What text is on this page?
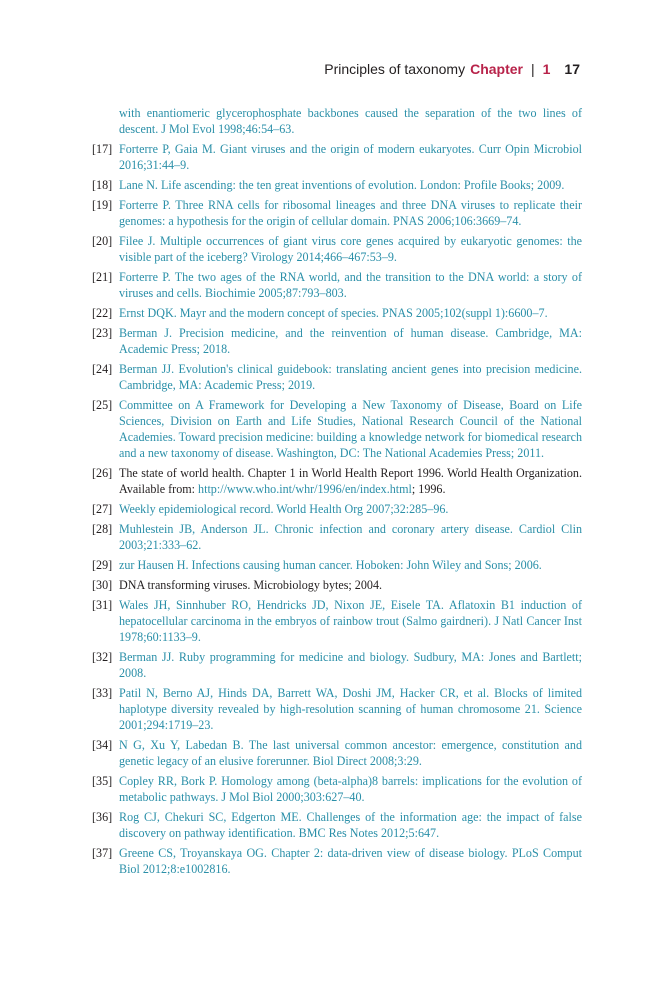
Principles of taxonomy Chapter | 1 17
with enantiomeric glycerophosphate backbones caused the separation of the two lines of descent. J Mol Evol 1998;46:54–63.
[17] Forterre P, Gaia M. Giant viruses and the origin of modern eukaryotes. Curr Opin Microbiol 2016;31:44–9.
[18] Lane N. Life ascending: the ten great inventions of evolution. London: Profile Books; 2009.
[19] Forterre P. Three RNA cells for ribosomal lineages and three DNA viruses to replicate their genomes: a hypothesis for the origin of cellular domain. PNAS 2006;106:3669–74.
[20] Filee J. Multiple occurrences of giant virus core genes acquired by eukaryotic genomes: the visible part of the iceberg? Virology 2014;466–467:53–9.
[21] Forterre P. The two ages of the RNA world, and the transition to the DNA world: a story of viruses and cells. Biochimie 2005;87:793–803.
[22] Ernst DQK. Mayr and the modern concept of species. PNAS 2005;102(suppl 1):6600–7.
[23] Berman J. Precision medicine, and the reinvention of human disease. Cambridge, MA: Academic Press; 2018.
[24] Berman JJ. Evolution's clinical guidebook: translating ancient genes into precision medicine. Cambridge, MA: Academic Press; 2019.
[25] Committee on A Framework for Developing a New Taxonomy of Disease, Board on Life Sciences, Division on Earth and Life Studies, National Research Council of the National Academies. Toward precision medicine: building a knowledge network for biomedical research and a new taxonomy of disease. Washington, DC: The National Academies Press; 2011.
[26] The state of world health. Chapter 1 in World Health Report 1996. World Health Organization. Available from: http://www.who.int/whr/1996/en/index.html; 1996.
[27] Weekly epidemiological record. World Health Org 2007;32:285–96.
[28] Muhlestein JB, Anderson JL. Chronic infection and coronary artery disease. Cardiol Clin 2003;21:333–62.
[29] zur Hausen H. Infections causing human cancer. Hoboken: John Wiley and Sons; 2006.
[30] DNA transforming viruses. Microbiology bytes; 2004.
[31] Wales JH, Sinnhuber RO, Hendricks JD, Nixon JE, Eisele TA. Aflatoxin B1 induction of hepatocellular carcinoma in the embryos of rainbow trout (Salmo gairdneri). J Natl Cancer Inst 1978;60:1133–9.
[32] Berman JJ. Ruby programming for medicine and biology. Sudbury, MA: Jones and Bartlett; 2008.
[33] Patil N, Berno AJ, Hinds DA, Barrett WA, Doshi JM, Hacker CR, et al. Blocks of limited haplotype diversity revealed by high-resolution scanning of human chromosome 21. Science 2001;294:1719–23.
[34] N G, Xu Y, Labedan B. The last universal common ancestor: emergence, constitution and genetic legacy of an elusive forerunner. Biol Direct 2008;3:29.
[35] Copley RR, Bork P. Homology among (beta-alpha)8 barrels: implications for the evolution of metabolic pathways. J Mol Biol 2000;303:627–40.
[36] Rog CJ, Chekuri SC, Edgerton ME. Challenges of the information age: the impact of false discovery on pathway identification. BMC Res Notes 2012;5:647.
[37] Greene CS, Troyanskaya OG. Chapter 2: data-driven view of disease biology. PLoS Comput Biol 2012;8:e1002816.
